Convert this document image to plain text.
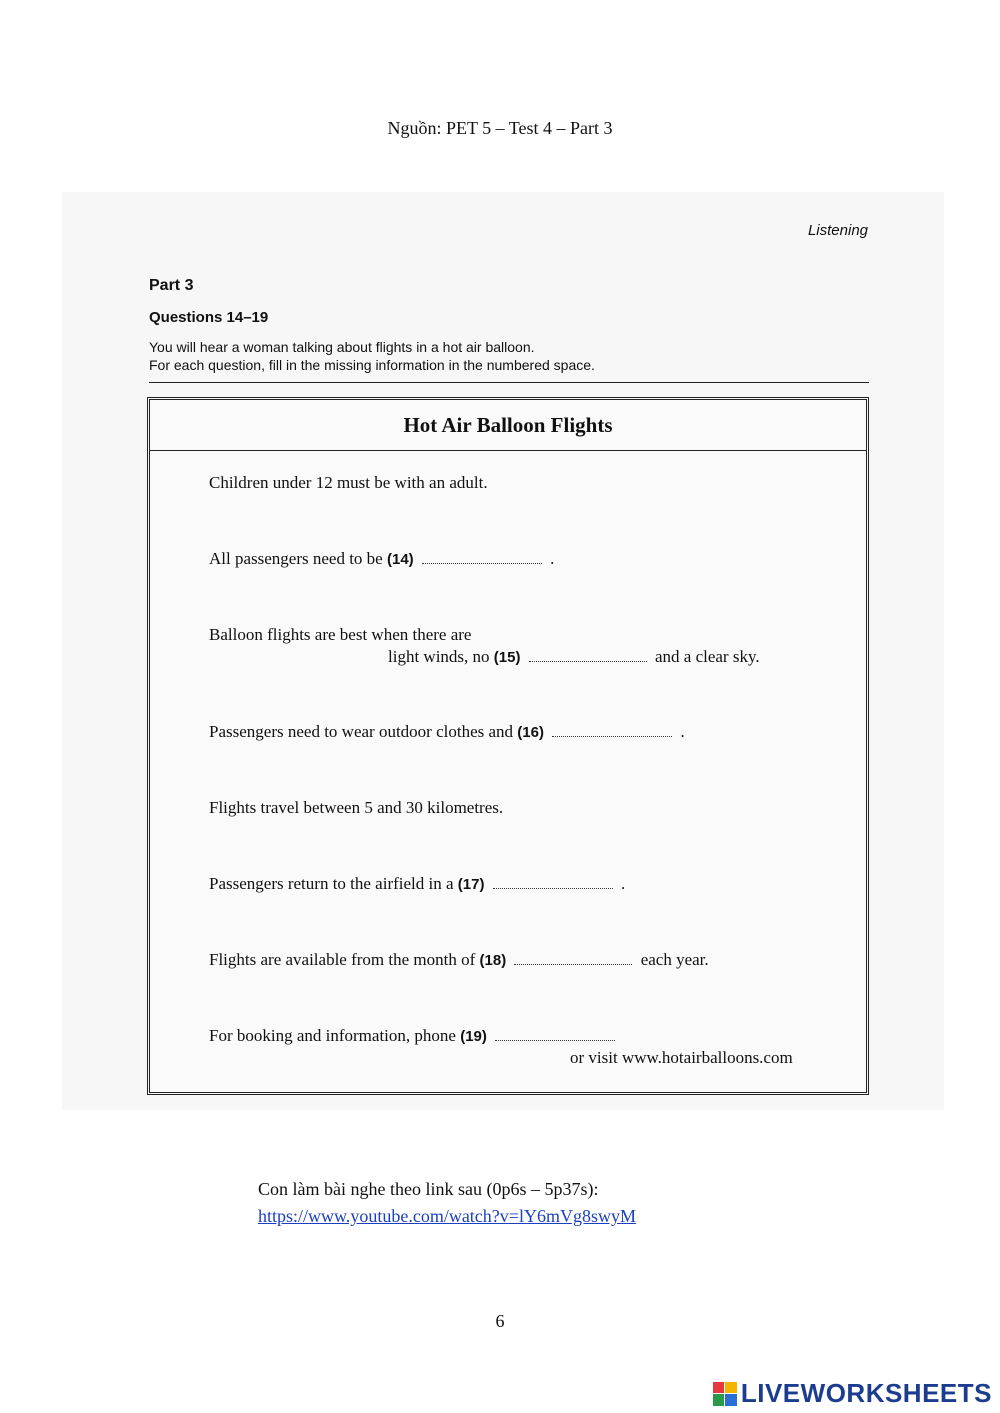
Nguồn: PET 5 – Test 4 – Part 3
Listening
Part 3
Questions 14–19
You will hear a woman talking about flights in a hot air balloon.
For each question, fill in the missing information in the numbered space.
Hot Air Balloon Flights
Children under 12 must be with an adult.
All passengers need to be (14)	.
Balloon flights are best when there are
light winds, no (15)	and a clear sky.
Passengers need to wear outdoor clothes and (16)	.
Flights travel between 5 and 30 kilometres.
Passengers return to the airfield in a (17)	.
Flights are available from the month of (18)	each year.
For booking and information, phone (19)
or visit www.hotairballoons.com
Con làm bài nghe theo link sau (0p6s – 5p37s):
https://www.youtube.com/watch?v=lY6mVg8swyM
6
LIVEWORKSHEETS
